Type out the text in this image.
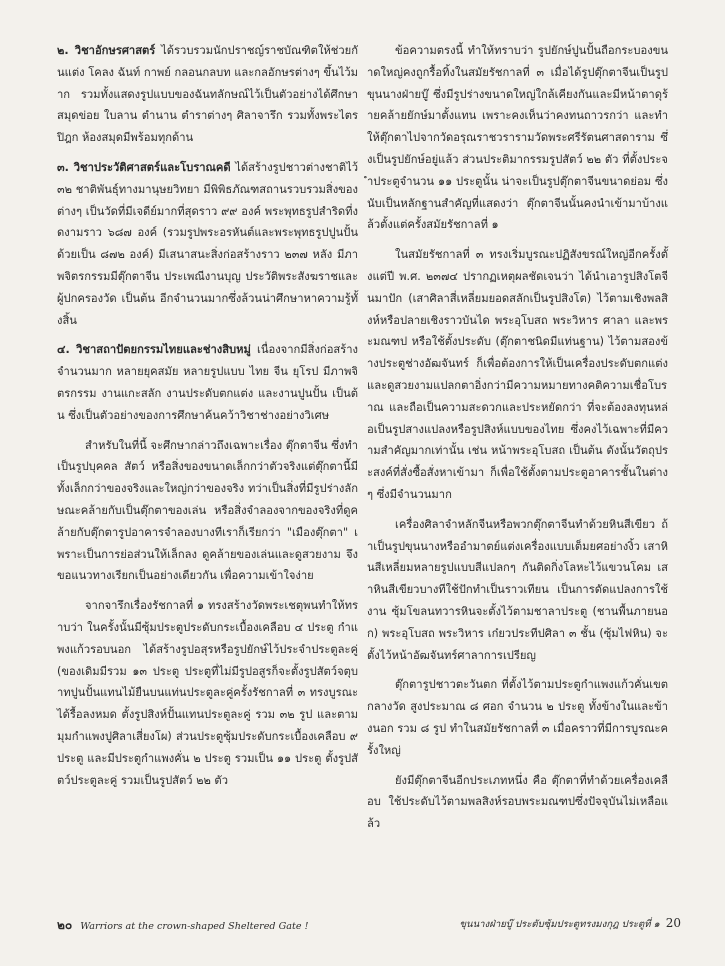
๒. วิชาอักษรศาสตร์ ได้รวบรวมนักปราชญ์ราชบัณฑิตให้ช่วยกันแต่ง โคลง ฉันท์ กาพย์ กลอนกลบท และกลอักษรต่างๆ ขึ้นไว้มาก รวมทั้งแสดงรูปแบบของฉันทลักษณ์ไว้เป็นตัวอย่างได้ศึกษา สมุดข่อย ใบลาน ตำนาน ตำราต่างๆ ศิลาจารึก รวมทั้งพระไตรปิฎก ห้องสมุดมีพร้อมทุกด้าน

๓. วิชาประวัติศาสตร์และโบราณคดี ได้สร้างรูปชาวต่างชาติไว้ ๓๒ ชาติพันธุ์ทางมานุษยวิทยา มีพิพิธภัณฑสถานรวบรวมสิ่งของต่างๆ เป็นวัดที่มีเจดีย์มากที่สุดราว ๙๙ องค์ พระพุทธรูปสำริดที่งดงามราว ๖๘๗ องค์ (รวมรูปพระอรหันต์และพระพุทธรูปปูนปั้นด้วยเป็น ๘๗๒ องค์) มีเสนาสนะสิ่งก่อสร้างราว ๒๓๗ หลัง มีภาพจิตรกรรมมีตุ๊กตาจีน ประเพณีงานบุญ ประวัติพระสังฆราชและผู้ปกครองวัด เป็นต้น อีกจำนวนมากซึ่งล้วนน่าศึกษาหาความรู้ทั้งสิ้น

๔. วิชาสถาปัตยกรรมไทยและช่างสิบหมู่ เนื่องจากมีสิ่งก่อสร้างจำนวนมาก หลายยุคสมัย หลายรูปแบบ ไทย จีน ยุโรป มีภาพจิตรกรรม งานแกะสลัก งานประดับตกแต่ง และงานปูนปั้น เป็นต้น ซึ่งเป็นตัวอย่างของการศึกษาค้นคว้าวิชาช่างอย่างวิเศษ

สำหรับในที่นี้ จะศึกษากล่าวถึงเฉพาะเรื่อง ตุ๊กตาจีน ซึ่งทำเป็นรูปบุคคล สัตว์ หรือสิ่งของขนาดเล็กกว่าตัวจริงแต่ตุ๊กตานี้มีทั้งเล็กกว่าของจริงและใหญ่กว่าของจริง ทว่าเป็นสิ่งที่มีรูปร่างลักษณะคล้ายกับเป็นตุ๊กตาของเล่น หรือสิ่งจำลองจากของจริงที่ดูคล้ายกับตุ๊กตารูปอาคารจำลองบางทีเราก็เรียกว่า "เมืองตุ๊กตา" เพราะเป็นการย่อส่วนให้เล็กลง ดูคล้ายของเล่นและดูสวยงาม จึงขอแนวทางเรียกเป็นอย่างเดียวกัน เพื่อความเข้าใจง่าย

จากจารึกเรื่องรัชกาลที่ ๑ ทรงสร้างวัดพระเชตุพนทำให้ทราบว่า ในครั้งนั้นมีซุ้มประตูประดับกระเบื้องเคลือบ ๔ ประตู กำแพงแก้วรอบนอก ได้สร้างรูปอสุรหรือรูปยักษ์ไว้ประจำประตูละคู่ (ของเดิมมีรวม ๑๓ ประตู ประตูที่ไม่มีรูปอสูรก็จะตั้งรูปสัตว์จตุบาทปูนปั้นแทนไม้ยืนบนแท่นประตูละคู่ครั้งรัชกาลที่ ๓ ทรงบูรณะได้รื้อลงหมด ตั้งรูปสิงห์ปั้นแทนประตูละคู่ รวม ๓๒ รูป และตามมุมกำแพงปูศิลาเสี่ยงโผ) ส่วนประตูซุ้มประดับกระเบื้องเคลือบ ๙ ประตู และมีประตูกำแพงคั่น ๒ ประตู รวมเป็น ๑๑ ประตู ตั้งรูปสัตว์ประตูละคู่ รวมเป็นรูปสัตว์ ๒๒ ตัว

ข้อความตรงนี้ ทำให้ทราบว่า รูปยักษ์ปูนปั้นถือกระบองขนาดใหญ่คงถูกรื้อทิ้งในสมัยรัชกาลที่ ๓ เมื่อได้รูปตุ๊กตาจีนเป็นรูปขุนนางฝ่ายบู๊ ซึ่งมีรูปร่างขนาดใหญ่ใกล้เคียงกันและมีหน้าตาดุร้ายคล้ายยักษ์มาตั้งแทน เพราะคงเห็นว่าคงทนถาวรกว่า และทำให้ตุ๊กตาไปจากวัดอรุณราชวรารามวัดพระศรีรัตนศาสดาราม ซึ่งเป็นรูปยักษ์อยู่แล้ว ส่วนประติมากรรมรูปสัตว์ ๒๒ ตัว ที่ตั้งประจำประตูจำนวน ๑๑ ประตูนั้น น่าจะเป็นรูปตุ๊กตาจีนขนาดย่อม ซึ่งนับเป็นหลักฐานสำคัญที่แสดงว่า ตุ๊กตาจีนนั้นคงนำเข้ามาบ้างแล้วตั้งแต่ครั้งสมัยรัชกาลที่ ๑

ในสมัยรัชกาลที่ ๓ ทรงเริ่มบูรณะปฏิสังขรณ์ใหญ่อีกครั้งตั้งแต่ปี พ.ศ. ๒๓๗๔ ปรากฏเหตุผลชัดเจนว่า ได้นำเอารูปสิงโตจีนมาปัก (เสาศิลาสี่เหลี่ยมยอดสลักเป็นรูปสิงโต) ไว้ตามเชิงพลสิงห์หรือปลายเชิงราวบันได พระอุโบสถ พระวิหาร ศาลา และพระมณฑป หรือใช้ตั้งประดับ (ตุ๊กตาชนิดมีแท่นฐาน) ไว้ตามสองข้างประตูช่างอัฒจันทร์ ก็เพื่อต้องการให้เป็นเครื่องประดับตกแต่งและดูสวยงามแปลกตาอิ่งกว่ามีความหมายทางคติความเชื่อโบราณ และถือเป็นความสะดวกและประหยัดกว่า ที่จะต้องลงทุนหล่อเป็นรูปสางแปลงหรือรูปสิงห์แบบของไทย ซึ่งคงไว้เฉพาะที่มีความสำคัญมากเท่านั้น เช่น หน้าพระอุโบสถ เป็นต้น ดังนั้นวัตถุประสงค์ที่สั่งซื้อสั่งหาเข้ามา ก็เพื่อใช้ตั้งตามประตูอาคารชั้นในต่างๆ ซึ่งมีจำนวนมาก

เครื่องศิลาจำหลักจีนหรือพวกตุ๊กตาจีนทำด้วยหินสีเขียว ถ้าเป็นรูปขุนนางหรืออำมาตย์แต่งเครื่องแบบเต็มยศอย่างงิ้ว เสาหินสีเหลี่ยมหลายรูปแบบสีแปลกๆ กันติดกิ่งโลหะไว้แขวนโคม เสาหินสีเขียวบางทีใช้ปักทำเป็นราวเทียน เป็นการดัดแปลงการใช้งาน ซุ้มโขลนทวารหินจะตั้งไว้ตามชาลาประตู (ชานพื้นภายนอก) พระอุโบสถ พระวิหาร เก๋ยวประทีปศิลา ๓ ชั้น (ซุ้มไฟหิน) จะตั้งไว้หน้าอัฒจันทร์ศาลาการเปรียญ

ตุ๊กตารูปชาวตะวันตก ที่ตั้งไว้ตามประตูกำแพงแก้วคั่นเขตกลางวัด สูงประมาณ ๘ ศอก จำนวน ๒ ประตู ทั้งข้างในและข้างนอก รวม ๘ รูป ทำในสมัยรัชกาลที่ ๓ เมื่อคราวที่มีการบูรณะครั้งใหญ่

ยังมีตุ๊กตาจีนอีกประเภทหนึ่ง คือ ตุ๊กตาที่ทำด้วยเครื่องเคลือบ ใช้ประดับไว้ตามพลสิงห์รอบพระมณฑปซึ่งปัจจุบันไม่เหลือแล้ว

๒๐ Warriors at the crown-shaped Sheltered Gate !	ขุนนางฝ่ายบู๊ ประตับซุ้มประตูทรงมงกุฎ ประตูที่ ๑ 20
